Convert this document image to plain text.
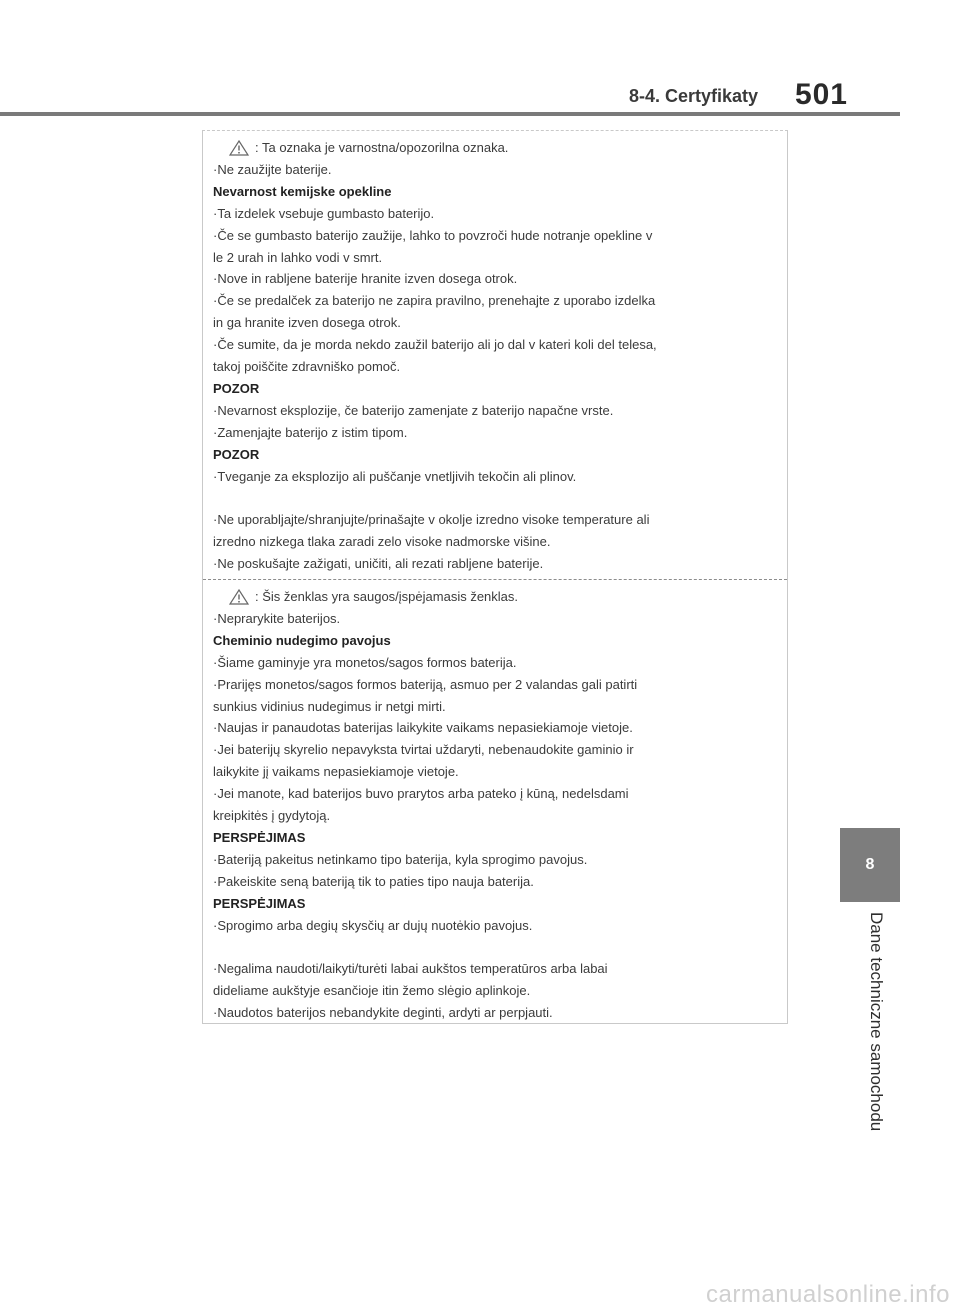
8-4. Certyfikaty 501
: Ta oznaka je varnostna/opozorilna oznaka.
·Ne zaužijte baterije.
Nevarnost kemijske opekline
·Ta izdelek vsebuje gumbasto baterijo.
·Če se gumbasto baterijo zaužije, lahko to povzroči hude notranje opekline v
le 2 urah in lahko vodi v smrt.
·Nove in rabljene baterije hranite izven dosega otrok.
·Če se predalček za baterijo ne zapira pravilno, prenehajte z uporabo izdelka
in ga hranite izven dosega otrok.
·Če sumite, da je morda nekdo zaužil baterijo ali jo dal v kateri koli del telesa,
takoj poiščite zdravniško pomoč.
POZOR
·Nevarnost eksplozije, če baterijo zamenjate z baterijo napačne vrste.
·Zamenjajte baterijo z istim tipom.
POZOR
·Tveganje za eksplozijo ali puščanje vnetljivih tekočin ali plinov.
·Ne uporabljajte/shranjujte/prinašajte v okolje izredno visoke temperature ali
izredno nizkega tlaka zaradi zelo visoke nadmorske višine.
·Ne poskušajte zažigati, uničiti, ali rezati rabljene baterije.
: Šis ženklas yra saugos/įspėjamasis ženklas.
·Neprarykite baterijos.
Cheminio nudegimo pavojus
·Šiame gaminyje yra monetos/sagos formos baterija.
·Prarijęs monetos/sagos formos bateriją, asmuo per 2 valandas gali patirti
sunkius vidinius nudegimus ir netgi mirti.
·Naujas ir panaudotas baterijas laikykite vaikams nepasiekiamoje vietoje.
·Jei baterijų skyrelio nepavyksta tvirtai uždaryti, nebenaudokite gaminio ir
laikykite jį vaikams nepasiekiamoje vietoje.
·Jei manote, kad baterijos buvo prarytos arba pateko į kūną, nedelsdami
kreipkitės į gydytoją.
PERSPĖJIMAS
·Bateriją pakeitus netinkamo tipo baterija, kyla sprogimo pavojus.
·Pakeiskite seną bateriją tik to paties tipo nauja baterija.
PERSPĖJIMAS
·Sprogimo arba degių skysčių ar dujų nuotėkio pavojus.
·Negalima naudoti/laikyti/turėti labai aukštos temperatūros arba labai
dideliame aukštyje esančioje itin žemo slėgio aplinkoje.
·Naudotos baterijos nebandykite deginti, ardyti ar perpjauti.
8
Dane techniczne samochodu
carmanualsonline.info
